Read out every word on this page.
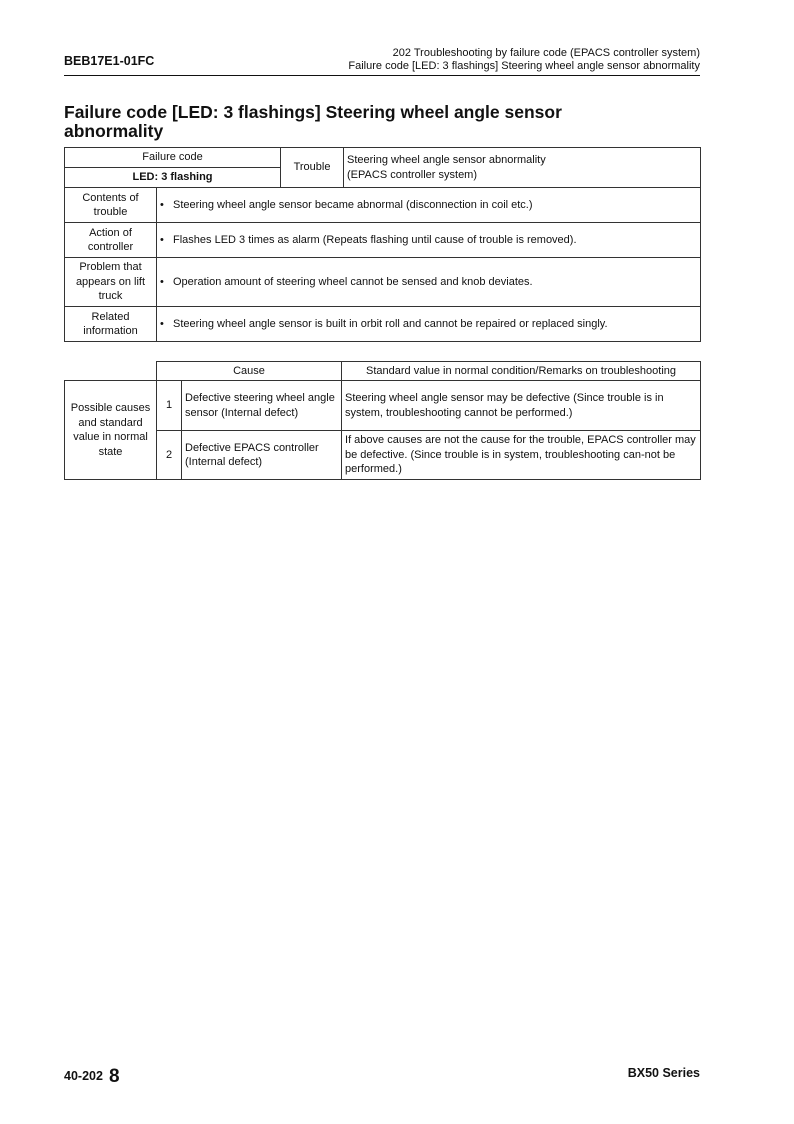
BEB17E1-01FC
202 Troubleshooting by failure code (EPACS controller system)
Failure code [LED: 3 flashings] Steering wheel angle sensor abnormality
Failure code [LED: 3 flashings] Steering wheel angle sensor abnormality
Failure code		Trouble	Steering wheel angle sensor abnormality
(EPACS controller system)

LED: 3 flashing			
Contents of trouble	• Steering wheel angle sensor became abnormal (disconnection in coil etc.)		
Action of controller	• Flashes LED 3 times as alarm (Repeats flashing until cause of trouble is removed).		
Problem that appears on lift truck	• Operation amount of steering wheel cannot be sensed and knob deviates.		
Related information	• Steering wheel angle sensor is built in orbit roll and cannot be repaired or replaced singly.		
	Cause		Standard value in normal condition/Remarks on troubleshooting
Possible causes and standard value in normal state	1	Defective steering wheel angle sensor (Internal defect)	Steering wheel angle sensor may be defective (Since trouble is in system, troubleshooting cannot be performed.)
	2	Defective EPACS controller (Internal defect)	If above causes are not the cause for the trouble, EPACS controller may be defective. (Since trouble is in system, troubleshooting can-not be performed.)
40-202 8	BX50 Series
